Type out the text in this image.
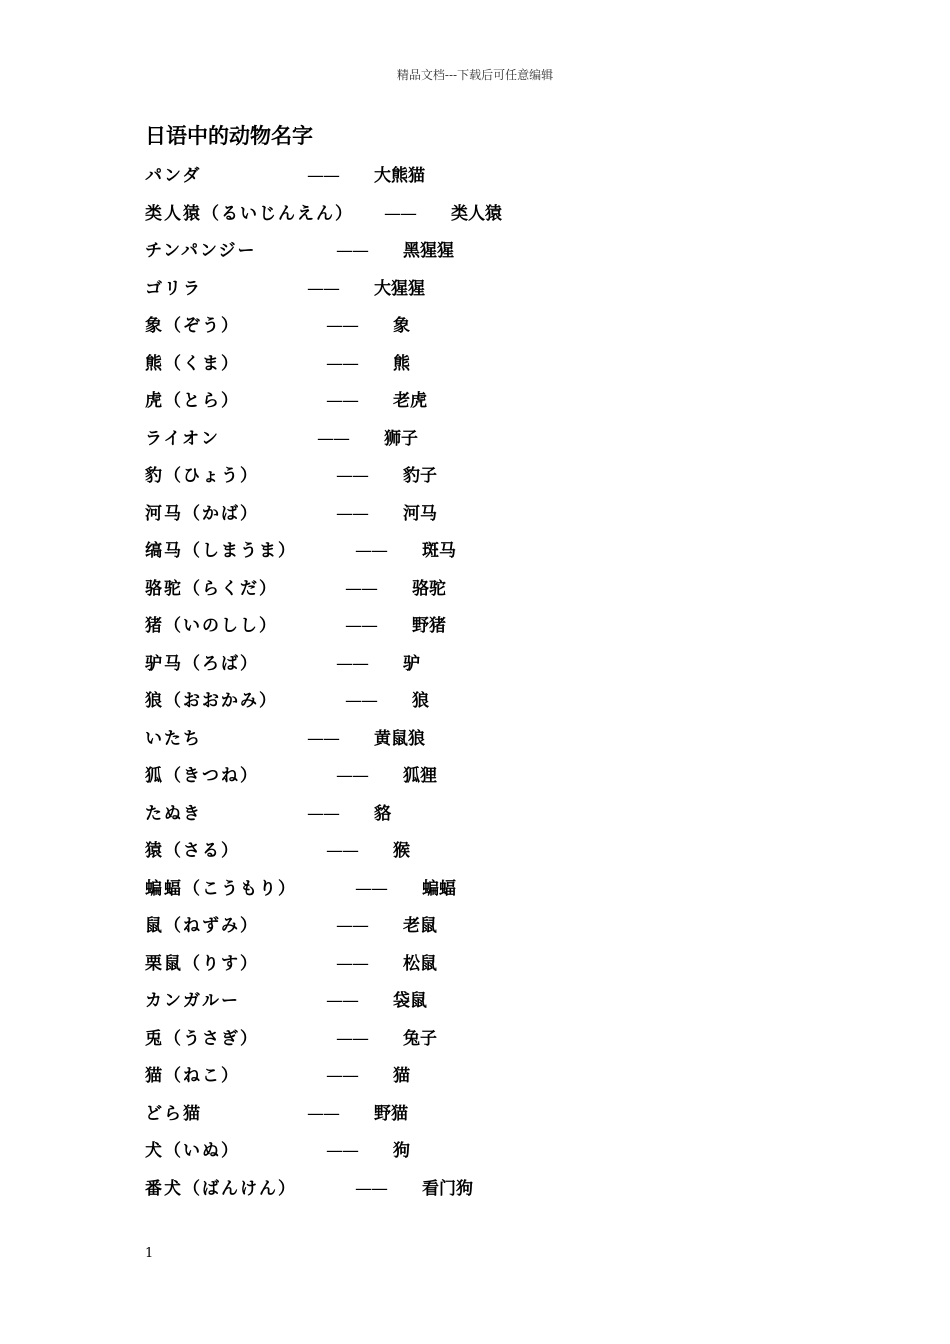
精品文档---下载后可任意编辑
日语中的动物名字
パンダ	—— 大熊猫
类人猿（るいじんえん） —— 类人猿
チンパンジー	—— 黑猩猩
ゴリラ	—— 大猩猩
象（ぞう）	—— 象
熊（くま）	—— 熊
虎（とら）	—— 老虎
ライオン	—— 狮子
豹（ひょう）	—— 豹子
河马（かば）	—— 河马
缟马（しまうま）	—— 斑马
骆驼（らくだ）	—— 骆驼
猪（いのしし）	—— 野猪
驴马（ろば）	—— 驴
狼（おおかみ）	—— 狼
いたち	—— 黄鼠狼
狐（きつね）	—— 狐狸
たぬき	—— 貉
猿（さる）	—— 猴
蝙蝠（こうもり）	—— 蝙蝠
鼠（ねずみ）	—— 老鼠
栗鼠（りす）	—— 松鼠
カンガルー	—— 袋鼠
兎（うさぎ）	—— 兔子
猫（ねこ）	—— 猫
どら猫	—— 野猫
犬（いぬ）	—— 狗
番犬（ばんけん）	—— 看门狗
1
